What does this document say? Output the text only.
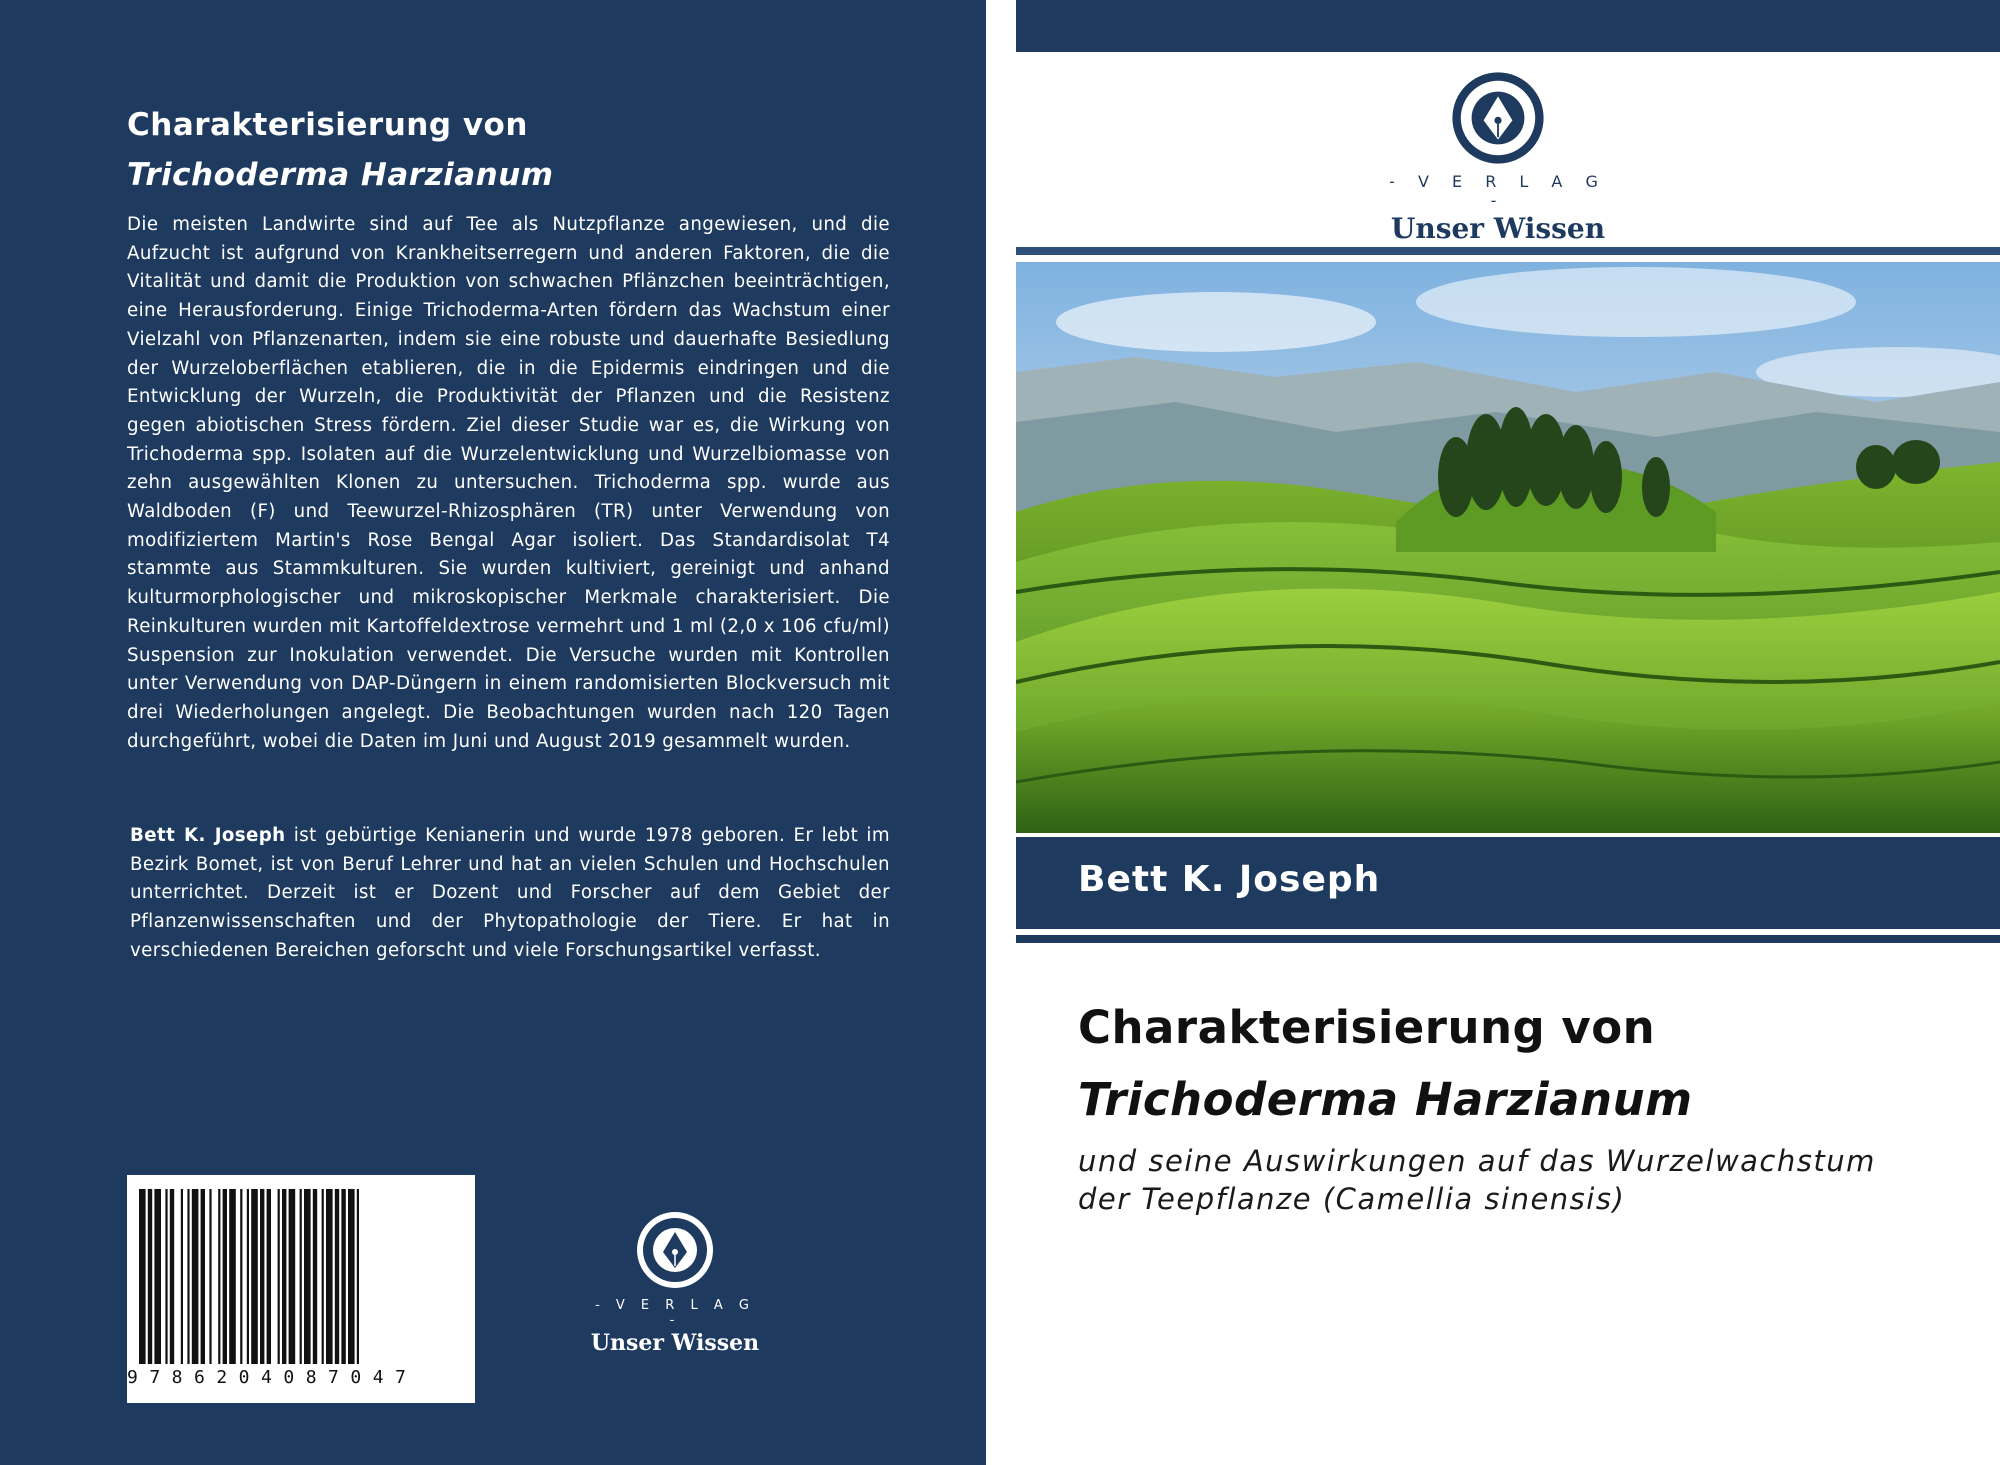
Charakterisierung von
Trichoderma Harzianum
Die meisten Landwirte sind auf Tee als Nutzpflanze angewiesen, und die Aufzucht ist aufgrund von Krankheitserregern und anderen Faktoren, die die Vitalität und damit die Produktion von schwachen Pflänzchen beeinträchtigen, eine Herausforderung. Einige Trichoderma-Arten fördern das Wachstum einer Vielzahl von Pflanzenarten, indem sie eine robuste und dauerhafte Besiedlung der Wurzeloberflächen etablieren, die in die Epidermis eindringen und die Entwicklung der Wurzeln, die Produktivität der Pflanzen und die Resistenz gegen abiotischen Stress fördern. Ziel dieser Studie war es, die Wirkung von Trichoderma spp. Isolaten auf die Wurzelentwicklung und Wurzelbiomasse von zehn ausgewählten Klonen zu untersuchen. Trichoderma spp. wurde aus Waldboden (F) und Teewurzel-Rhizosphären (TR) unter Verwendung von modifiziertem Martin's Rose Bengal Agar isoliert. Das Standardisolat T4 stammte aus Stammkulturen. Sie wurden kultiviert, gereinigt und anhand kulturmorphologischer und mikroskopischer Merkmale charakterisiert. Die Reinkulturen wurden mit Kartoffeldextrose vermehrt und 1 ml (2,0 x 106 cfu/ml) Suspension zur Inokulation verwendet. Die Versuche wurden mit Kontrollen unter Verwendung von DAP-Düngern in einem randomisierten Blockversuch mit drei Wiederholungen angelegt. Die Beobachtungen wurden nach 120 Tagen durchgeführt, wobei die Daten im Juni und August 2019 gesammelt wurden.
Bett K. Joseph ist gebürtige Kenianerin und wurde 1978 geboren. Er lebt im Bezirk Bomet, ist von Beruf Lehrer und hat an vielen Schulen und Hochschulen unterrichtet. Derzeit ist er Dozent und Forscher auf dem Gebiet der Pflanzenwissenschaften und der Phytopathologie der Tiere. Er hat in verschiedenen Bereichen geforscht und viele Forschungsartikel verfasst.
9786204087047
- V E R L A G -
Unser Wissen
- V E R L A G -
Unser Wissen
Bett K. Joseph
Charakterisierung von
Trichoderma Harzianum
und seine Auswirkungen auf das Wurzelwachstum
der Teepflanze (Camellia sinensis)
